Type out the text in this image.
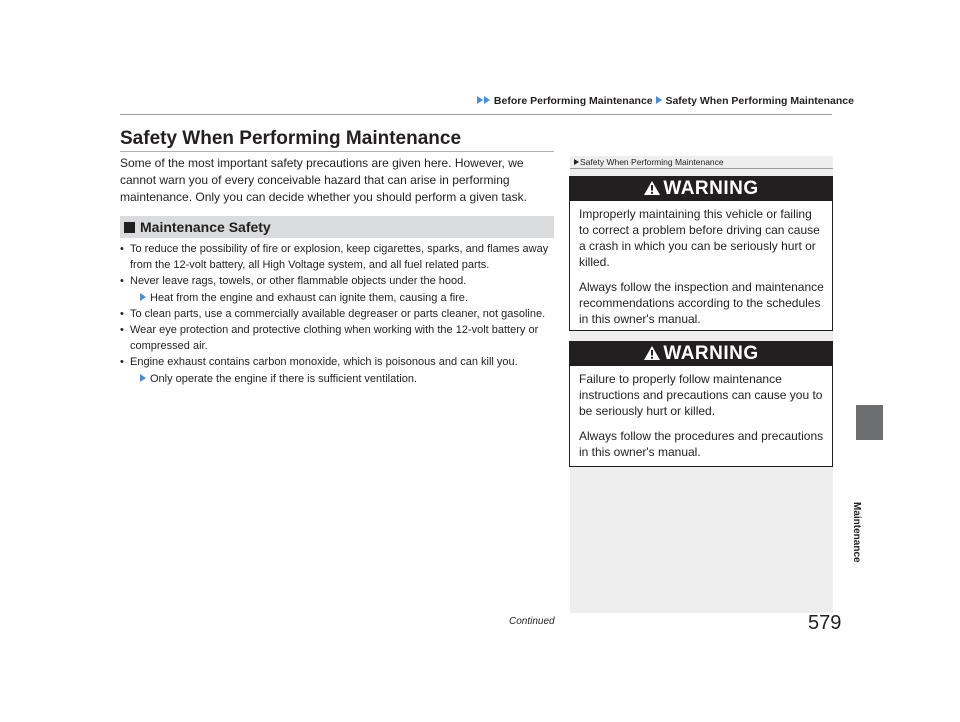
Before Performing Maintenance Safety When Performing Maintenance
Safety When Performing Maintenance
Some of the most important safety precautions are given here. However, we cannot warn you of every conceivable hazard that can arise in performing maintenance. Only you can decide whether you should perform a given task.
Maintenance Safety
• To reduce the possibility of fire or explosion, keep cigarettes, sparks, and flames away from the 12-volt battery, all High Voltage system, and all fuel related parts.
• Never leave rags, towels, or other flammable objects under the hood.
Heat from the engine and exhaust can ignite them, causing a fire.
• To clean parts, use a commercially available degreaser or parts cleaner, not gasoline.
• Wear eye protection and protective clothing when working with the 12-volt battery or compressed air.
• Engine exhaust contains carbon monoxide, which is poisonous and can kill you.
Only operate the engine if there is sufficient ventilation.
Safety When Performing Maintenance
WARNING

Improperly maintaining this vehicle or failing to correct a problem before driving can cause a crash in which you can be seriously hurt or killed.

Always follow the inspection and maintenance recommendations according to the schedules in this owner's manual.

WARNING

Failure to properly follow maintenance instructions and precautions can cause you to be seriously hurt or killed.

Always follow the procedures and precautions in this owner's manual.

Continued	579
Maintenance
